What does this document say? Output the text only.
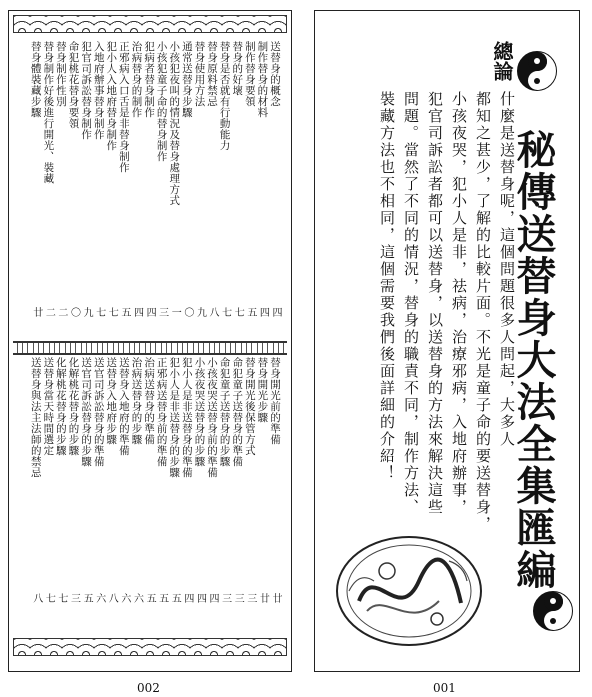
送替身的概念
制作替身的材料
制作替身要領
替身的好壞
替身是否就有行動能力
替身原料禁忌
替身使用方法
通常送替身步驟
小孩犯夜叫的情況及替身處理方式
小孩犯童子命的替身制作
犯病者替身制作
治病替身的制作
正邪病入口舌是非替身制作
犯小人入地府替身制作
入地府辦事替身制作
犯官司訴訟替身制作
命犯桃花替身要領
替身制作性別
替身制作好後進行開光、裝藏
替身體裝藏步驟
四
四
五
七
七
八
九
〇
一
三
四
四
五
七
七
九
〇
二
二
廿
替身開光前的準備
替身開光步驟
替身開光後保管方式
命犯童子送替身的準備
命犯童子送替身的步驟
小孩夜哭送替身前的準備
小孩夜哭送替身的步驟
犯小人是非送替身的準備
犯小人是非送替身的步驟
正邪病送替身前的準備
治病送替身的準備
治病送替身的步驟
送替身入地府的準備
送替身入地府步驟
送官司訴訟替身的準備
送官司訴訟替身的步驟
化解桃花替身的步驟
化解桃花替身的步驟
送替身當天時間選定
送替身與法主法師的禁忌
廿
廿
三
三
三
四
四
四
五
五
五
六
六
八
六
五
三
七
七
八
002
總論
什麼是送替身呢，這個問題很多人問起，大多人
都知之甚少，了解的比較片面。不光是童子命的要送替身，
小孩夜哭，犯小人是非，祛病，治療邪病，入地府辦事，
犯官司訴訟者都可以送替身，以送替身的方法來解決這些
問題。當然了不同的情況，替身的職責不同，制作方法、
裝藏方法也不相同，這個需要我們後面詳細的介紹！	秘傳送替身大法全集匯編
001
